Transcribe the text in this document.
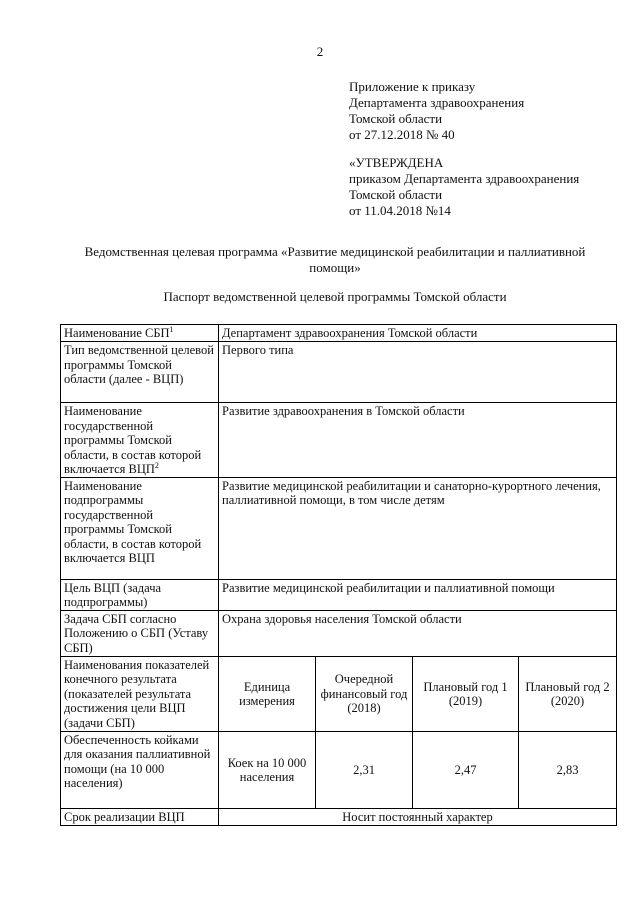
2
Приложение к приказу
Департамента здравоохранения
Томской области
от 27.12.2018 № 40
«УТВЕРЖДЕНА
приказом Департамента здравоохранения
Томской области
от 11.04.2018 №14
Ведомственная целевая программа «Развитие медицинской реабилитации и паллиативной помощи»
Паспорт ведомственной целевой программы Томской области
Наименование СБП$^1$	Департамент здравоохранения Томской области			
Тип ведомственной целевой программы Томской области (далее - ВЦП)	Первого типа			
Наименование государственной программы Томской области, в состав которой включается ВЦП$^2$	Развитие здравоохранения в Томской области			
Наименование подпрограммы государственной программы Томской области, в состав которой включается ВЦП	Развитие медицинской реабилитации и санаторно-курортного лечения, паллиативной помощи, в том числе детям			
Цель ВЦП (задача подпрограммы)	Развитие медицинской реабилитации и паллиативной помощи			
Задача СБП согласно Положению о СБП (Уставу СБП)	Охрана здоровья населения Томской области			
Наименования показателей конечного результата (показателей результата достижения цели ВЦП (задачи СБП)	Единица измерения	Очередной финансовый год (2018)	Плановый год 1 (2019)	Плановый год 2 (2020)
Обеспеченность койками для оказания паллиативной помощи (на 10 000 населения)	Коек на 10 000 населения	2,31	2,47	2,83
Срок реализации ВЦП	Носит постоянный характер			
